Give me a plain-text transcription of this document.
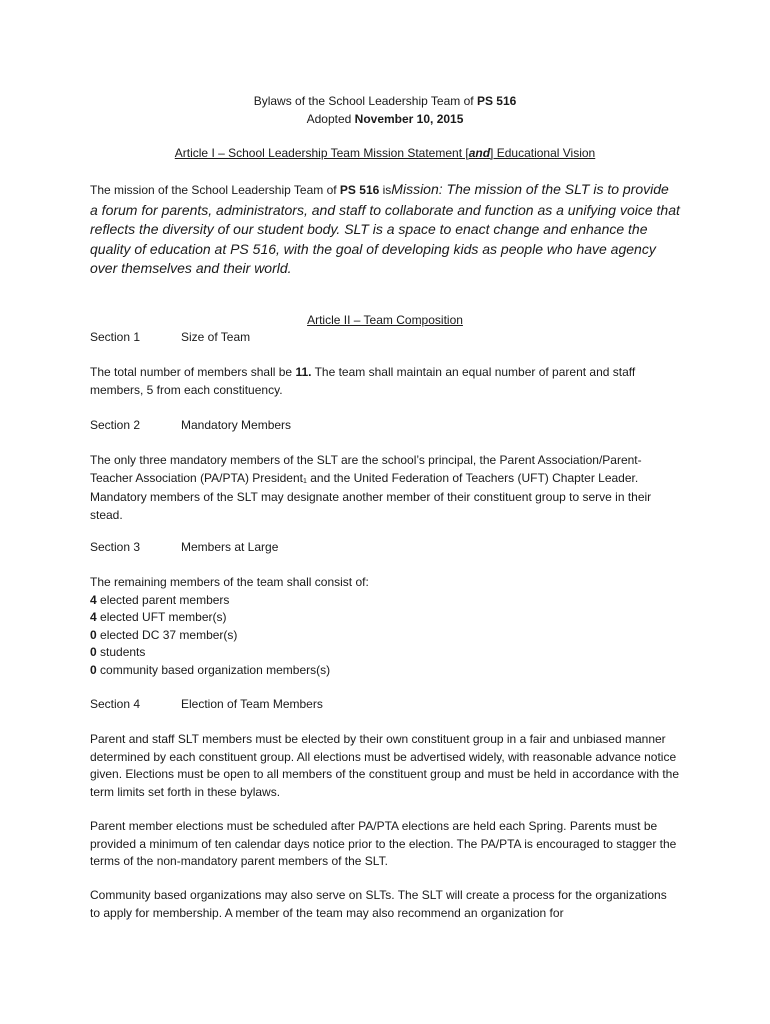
Bylaws of the School Leadership Team of PS 516
Adopted November 10, 2015
Article I – School Leadership Team Mission Statement [and] Educational Vision
The mission of the School Leadership Team of PS 516 isMission: The mission of the SLT is to provide a forum for parents, administrators, and staff to collaborate and function as a unifying voice that reflects the diversity of our student body. SLT is a space to enact change and enhance the quality of education at PS 516, with the goal of developing kids as people who have agency over themselves and their world.
Article II – Team Composition
Section 1	Size of Team
The total number of members shall be 11. The team shall maintain an equal number of parent and staff members, 5 from each constituency.
Section 2	Mandatory Members
The only three mandatory members of the SLT are the school’s principal, the Parent Association/Parent-Teacher Association (PA/PTA) President$^1$ and the United Federation of Teachers (UFT) Chapter Leader. Mandatory members of the SLT may designate another member of their constituent group to serve in their stead.
Section 3	Members at Large
The remaining members of the team shall consist of:
4 elected parent members
4 elected UFT member(s)
0 elected DC 37 member(s)
0 students
0 community based organization members(s)
Section 4	Election of Team Members
Parent and staff SLT members must be elected by their own constituent group in a fair and unbiased manner determined by each constituent group. All elections must be advertised widely, with reasonable advance notice given. Elections must be open to all members of the constituent group and must be held in accordance with the term limits set forth in these bylaws.
Parent member elections must be scheduled after PA/PTA elections are held each Spring. Parents must be provided a minimum of ten calendar days notice prior to the election. The PA/PTA is encouraged to stagger the terms of the non-mandatory parent members of the SLT.
Community based organizations may also serve on SLTs. The SLT will create a process for the organizations to apply for membership. A member of the team may also recommend an organization for
